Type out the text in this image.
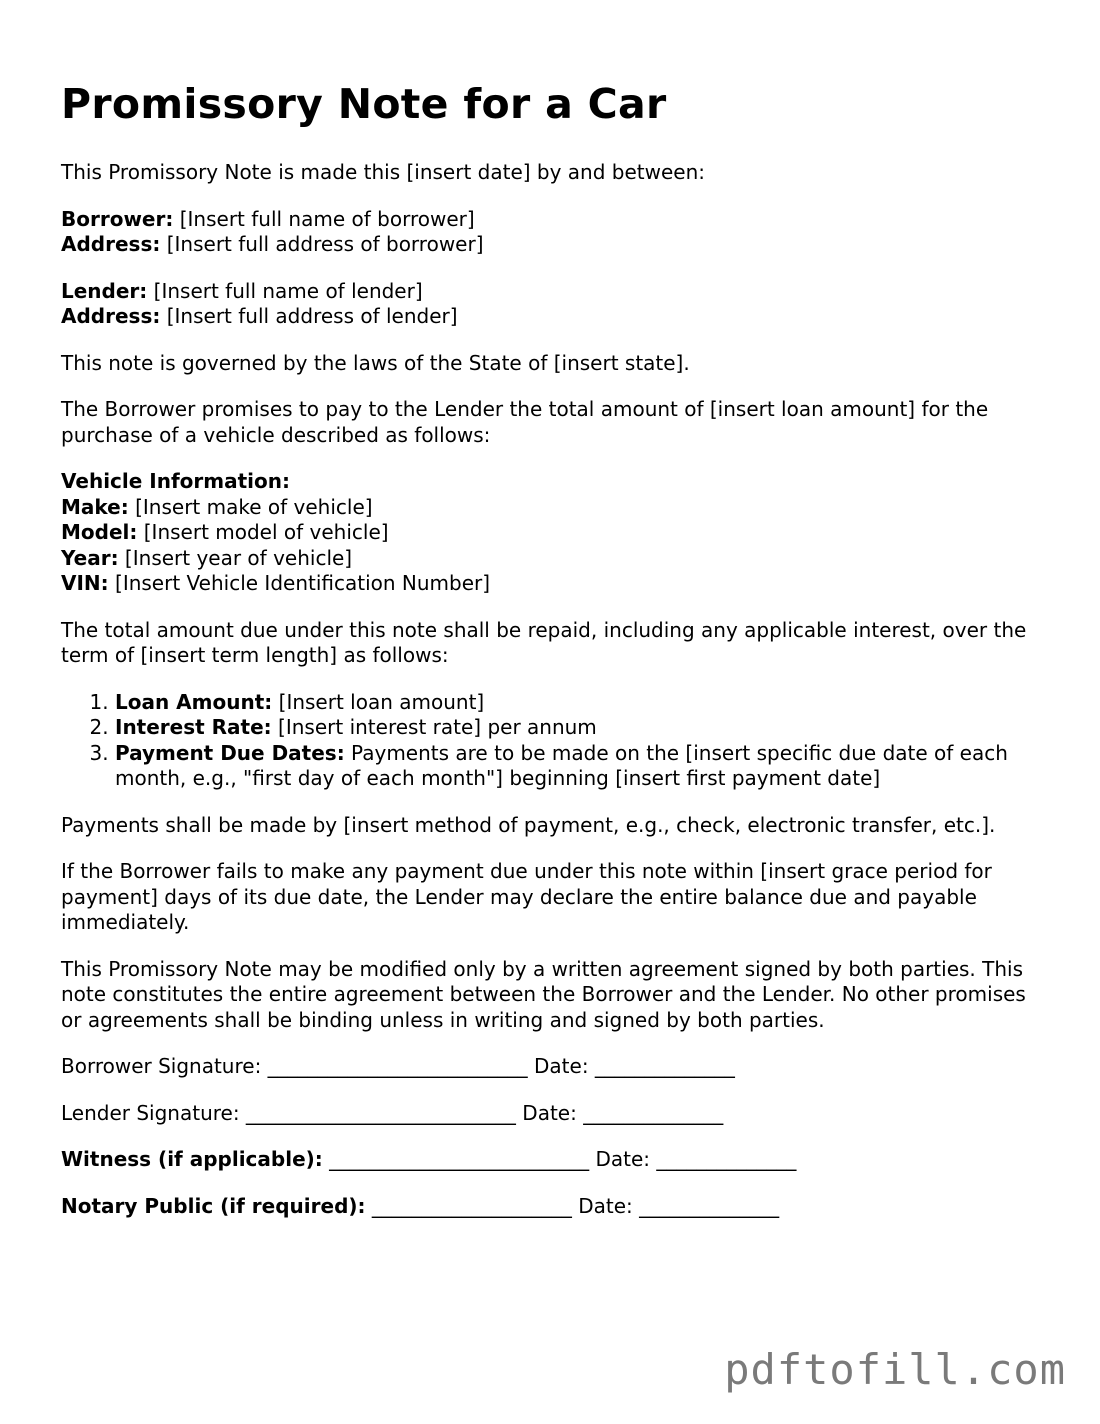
Promissory Note for a Car

This Promissory Note is made this [insert date] by and between:

Borrower: [Insert full name of borrower]
Address: [Insert full address of borrower]

Lender: [Insert full name of lender]
Address: [Insert full address of lender]

This note is governed by the laws of the State of [insert state].

The Borrower promises to pay to the Lender the total amount of [insert loan amount] for the purchase of a vehicle described as follows:

Vehicle Information:
Make: [Insert make of vehicle]
Model: [Insert model of vehicle]
Year: [Insert year of vehicle]
VIN: [Insert Vehicle Identification Number]

The total amount due under this note shall be repaid, including any applicable interest, over the term of [insert term length] as follows:

1. Loan Amount: [Insert loan amount]
2. Interest Rate: [Insert interest rate] per annum
3. Payment Due Dates: Payments are to be made on the [insert specific due date of each month, e.g., "first day of each month"] beginning [insert first payment date]

Payments shall be made by [insert method of payment, e.g., check, electronic transfer, etc.].

If the Borrower fails to make any payment due under this note within [insert grace period for payment] days of its due date, the Lender may declare the entire balance due and payable immediately.

This Promissory Note may be modified only by a written agreement signed by both parties. This note constitutes the entire agreement between the Borrower and the Lender. No other promises or agreements shall be binding unless in writing and signed by both parties.

Borrower Signature: __________________________ Date: ______________

Lender Signature: ___________________________ Date: ______________

Witness (if applicable): __________________________ Date: ______________

Notary Public (if required): ____________________ Date: ______________

pdftofill.com
